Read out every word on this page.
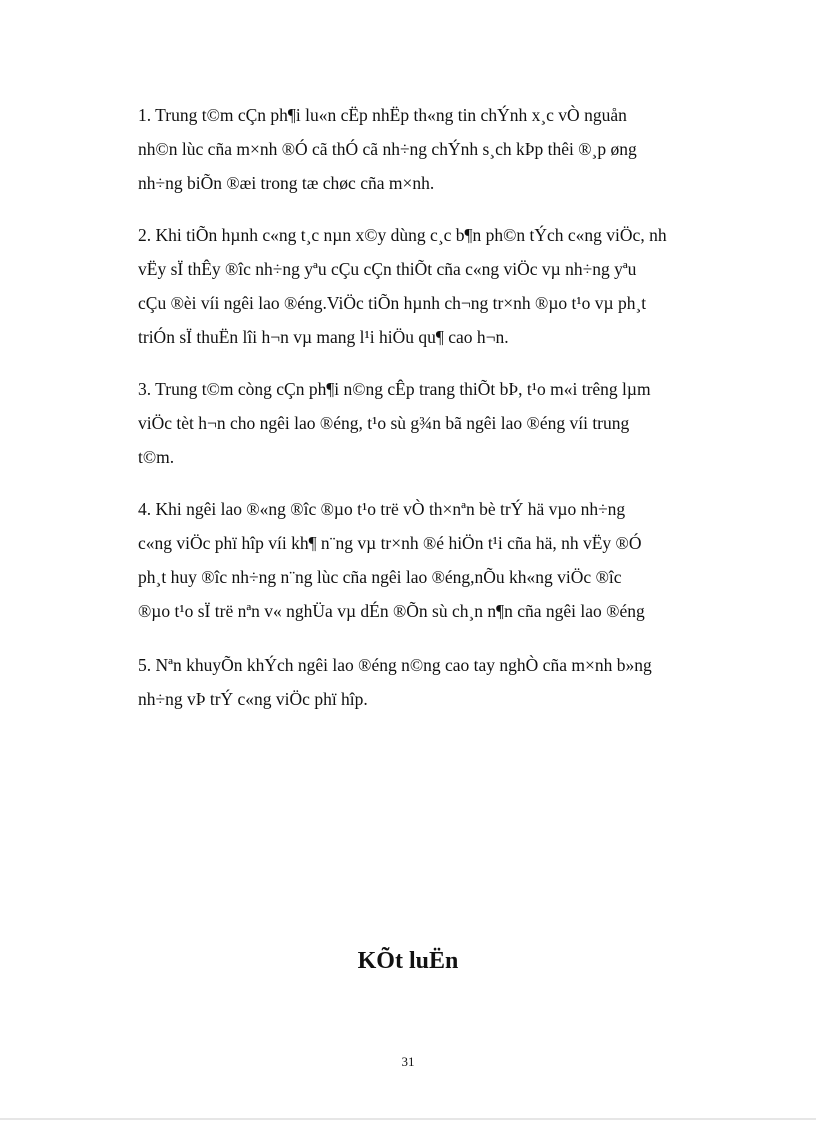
1. Trung t©m cÇn ph¶i lu«n cËp nhËp th«ng tin chÝnh x¸c vÒ nguån
nh©n lùc cña m×nh ®Ó cã thÓ cã nh÷ng chÝnh s¸ch kÞp thêi ®¸p øng
nh÷ng biÕn ®æi trong tæ chøc cña m×nh.
2. Khi tiÕn hµnh c«ng t¸c nµn x©y dùng c¸c b¶n ph©n tÝch c«ng viÖc, nh
vËy sÏ thÊy ®îc nh÷ng yªu cÇu cÇn thiÕt cña c«ng viÖc vµ nh÷ng yªu
cÇu ®èi víi ngêi lao ®éng.ViÖc tiÕn hµnh ch¬ng tr×nh ®µo t¹o vµ ph¸t
triÓn sÏ thuËn lîi h¬n vµ mang l¹i hiÖu qu¶ cao h¬n.
3. Trung t©m còng cÇn ph¶i n©ng cÊp trang thiÕt bÞ, t¹o m«i trêng lµm
viÖc tèt h¬n cho ngêi lao ®éng, t¹o sù g¾n bã ngêi lao ®éng víi trung
t©m.
4. Khi ngêi lao ®«ng ®îc ®µo t¹o trë vÒ th×nªn bè trÝ hä vµo nh÷ng
c«ng viÖc phï hîp víi kh¶ n¨ng vµ tr×nh ®é hiÖn t¹i cña hä, nh vËy ®Ó
ph¸t huy ®îc nh÷ng n¨ng lùc cña ngêi lao ®éng,nÕu kh«ng viÖc ®îc
®µo t¹o sÏ trë nªn v« nghÜa vµ dÉn ®Õn sù ch¸n n¶n cña ngêi lao ®éng
5. Nªn khuyÕn khÝch ngêi lao ®éng n©ng cao tay nghÒ cña m×nh b»ng
nh÷ng vÞ trÝ c«ng viÖc phï hîp.
KÕt luËn
31
